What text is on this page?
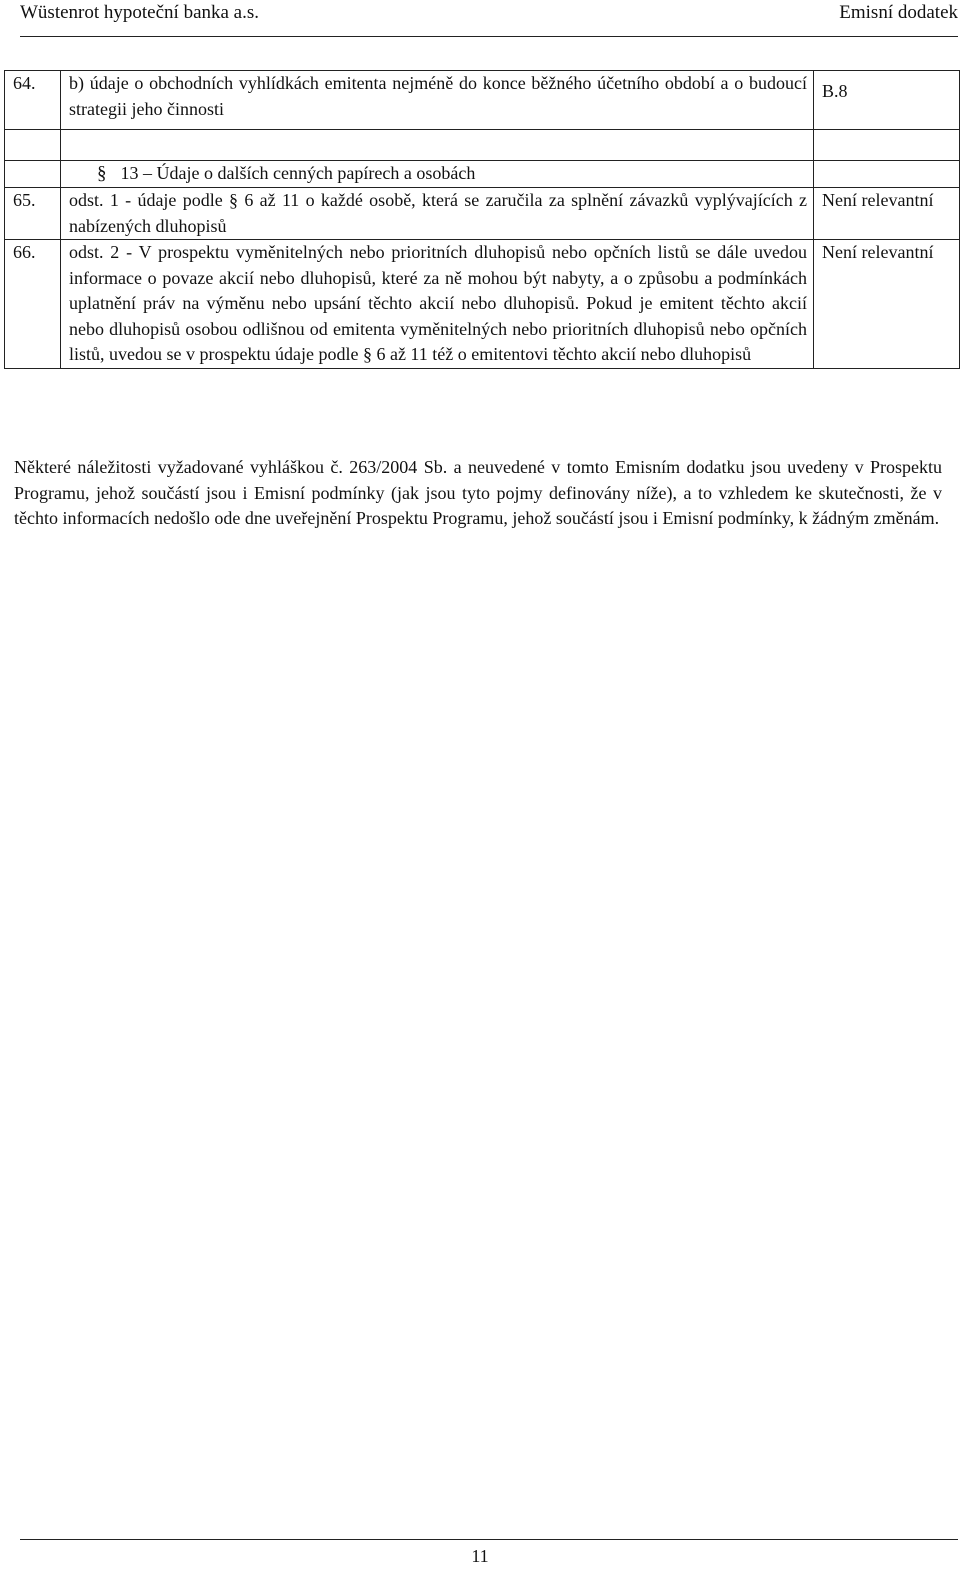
Wüstenrot hypoteční banka a.s.	Emisní dodatek
64.	b) údaje o obchodních vyhlídkách emitenta nejméně do konce běžného účetního období a o budoucí strategii jeho činnosti	B.8

	§ 13 – Údaje o dalších cenných papírech a osobách	

65.	odst. 1 - údaje podle § 6 až 11 o každé osobě, která se zaručila za splnění závazků vyplývajících z nabízených dluhopisů	Není relevantní
66.	odst. 2 - V prospektu vyměnitelných nebo prioritních dluhopisů nebo opčních listů se dále uvedou informace o povaze akcií nebo dluhopisů, které za ně mohou být nabyty, a o způsobu a podmínkách uplatnění práv na výměnu nebo upsání těchto akcií nebo dluhopisů. Pokud je emitent těchto akcií nebo dluhopisů osobou odlišnou od emitenta vyměnitelných nebo prioritních dluhopisů nebo opčních listů, uvedou se v prospektu údaje podle § 6 až 11 též o emitentovi těchto akcií nebo dluhopisů	Není relevantní
Některé náležitosti vyžadované vyhláškou č. 263/2004 Sb. a neuvedené v tomto Emisním dodatku jsou uvedeny v Prospektu Programu, jehož součástí jsou i Emisní podmínky (jak jsou tyto pojmy definovány níže), a to vzhledem ke skutečnosti, že v těchto informacích nedošlo ode dne uveřejnění Prospektu Programu, jehož součástí jsou i Emisní podmínky, k žádným změnám.
11
